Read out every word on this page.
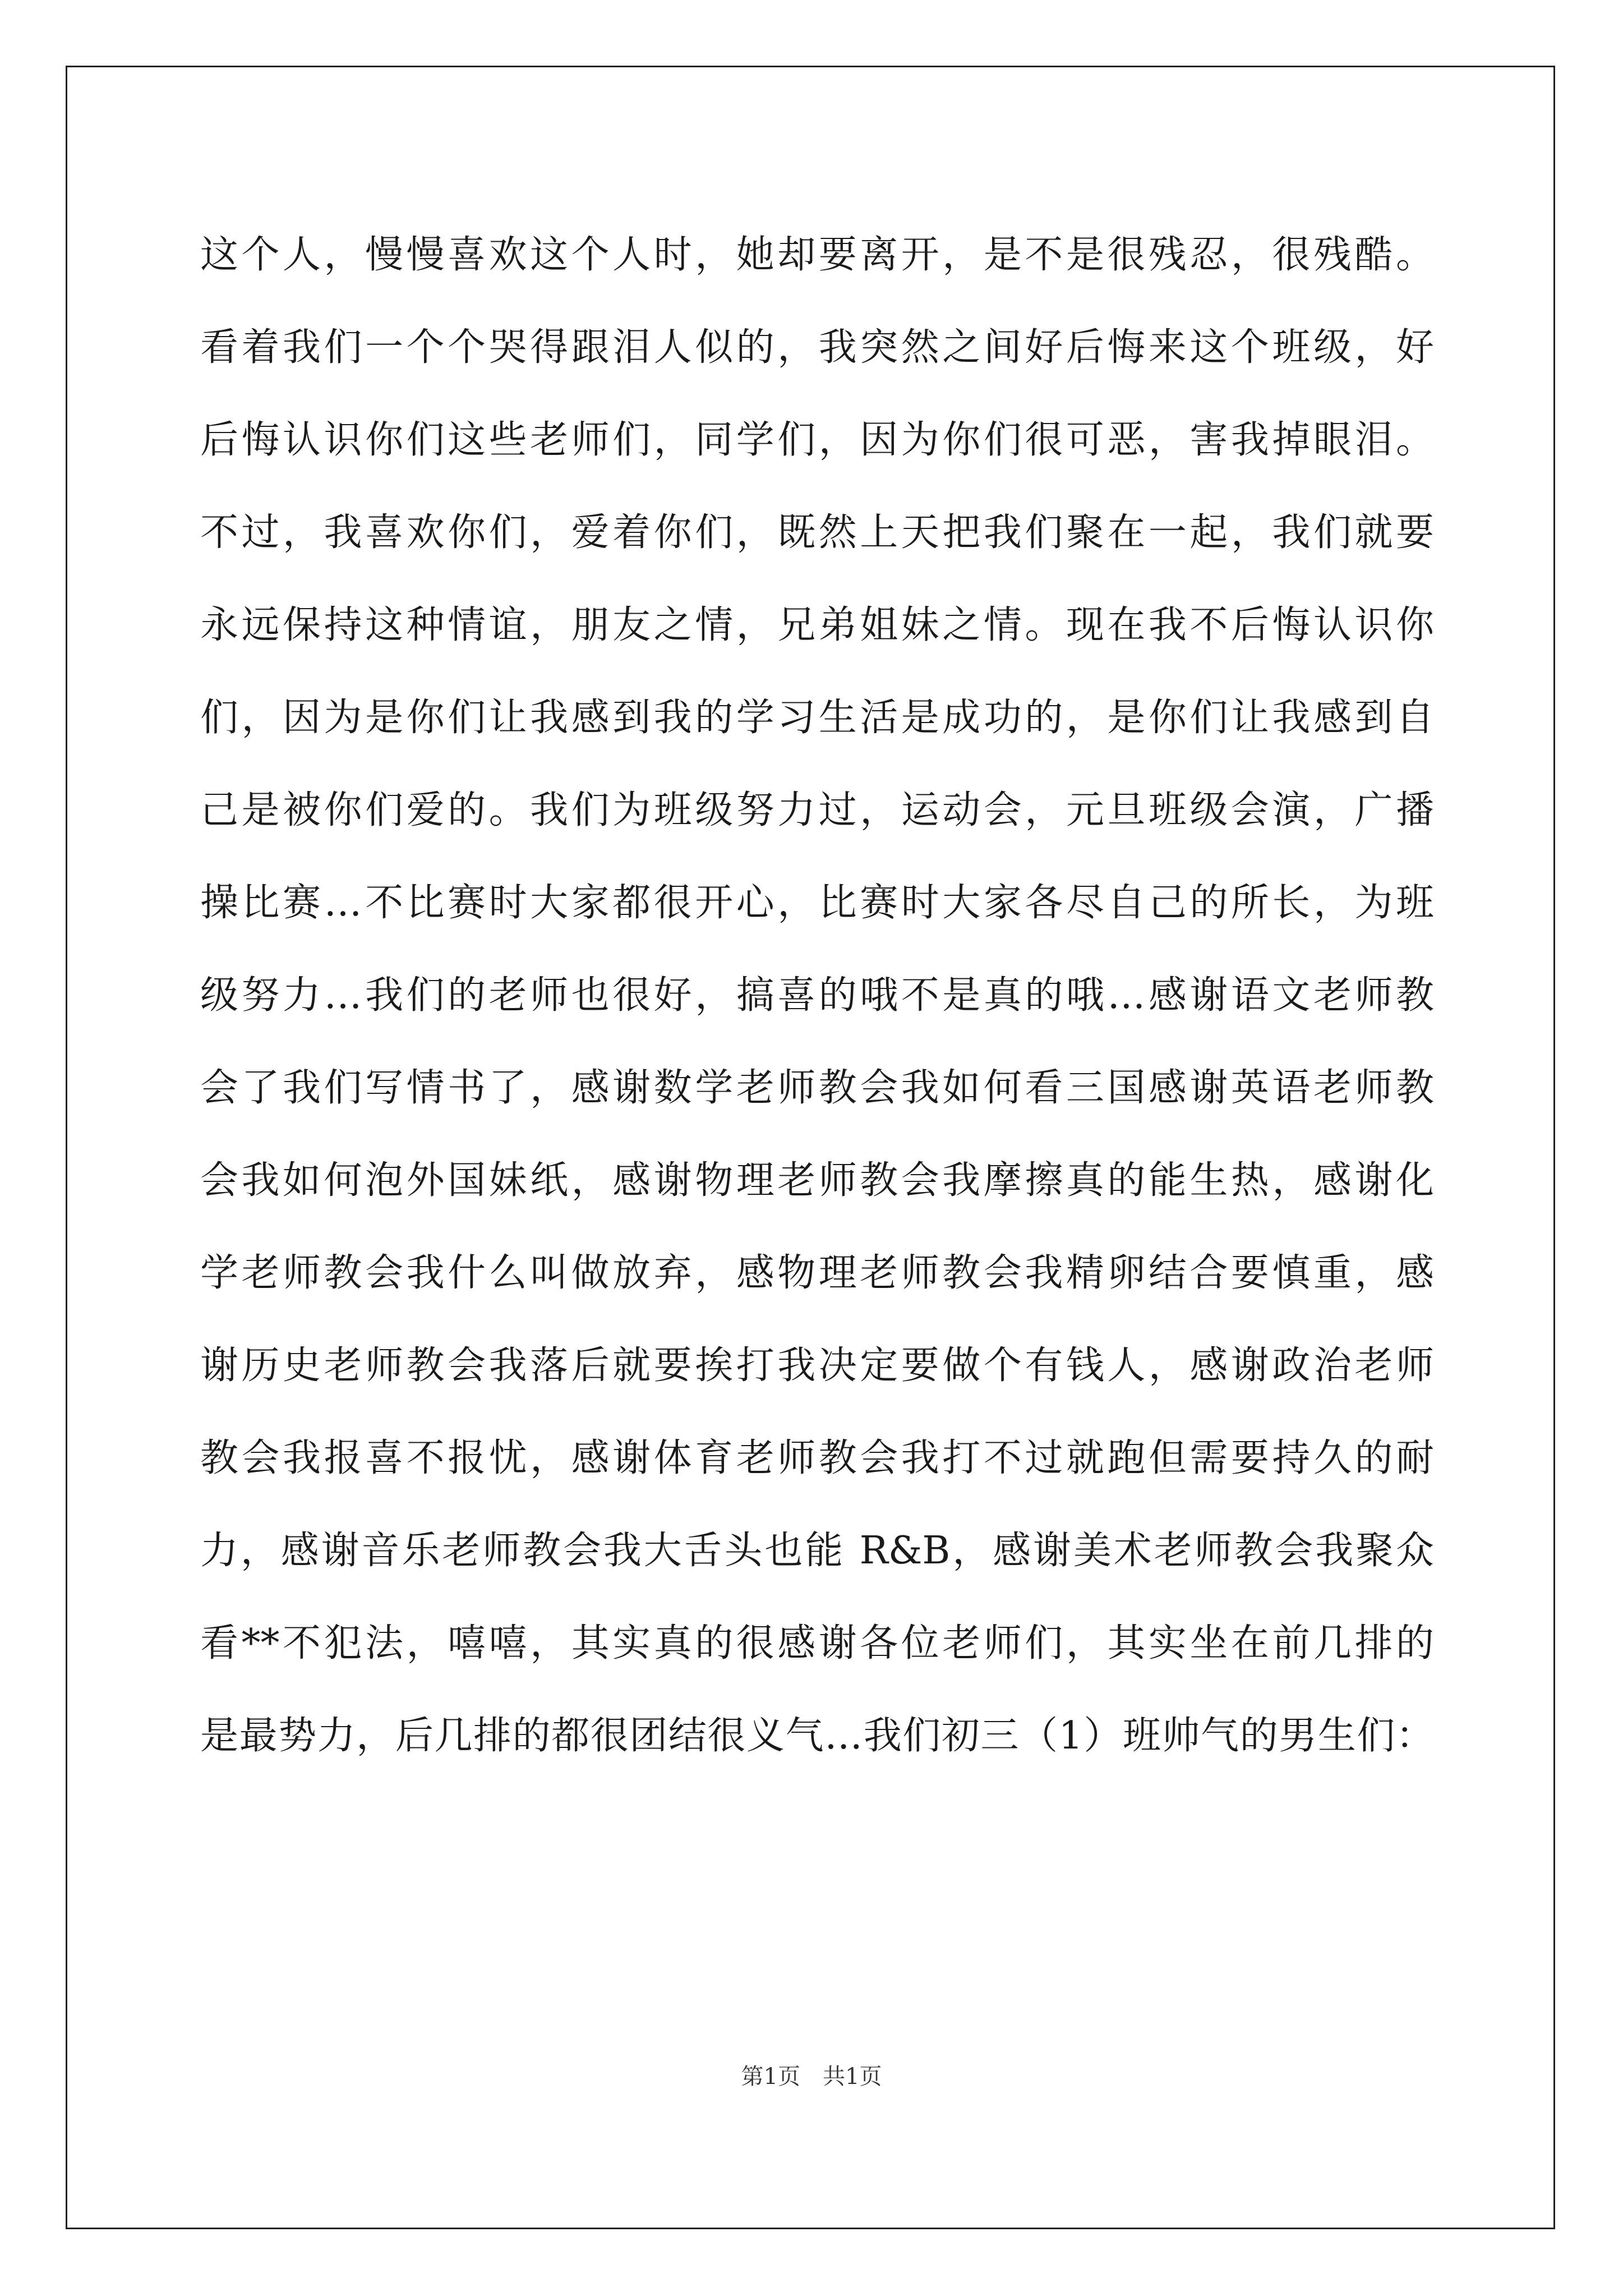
这个人，慢慢喜欢这个人时，她却要离开，是不是很残忍，很残酷。
看着我们一个个哭得跟泪人似的，我突然之间好后悔来这个班级，好
后悔认识你们这些老师们，同学们，因为你们很可恶，害我掉眼泪。
不过，我喜欢你们，爱着你们，既然上天把我们聚在一起，我们就要
永远保持这种情谊，朋友之情，兄弟姐妹之情。现在我不后悔认识你
们，因为是你们让我感到我的学习生活是成功的，是你们让我感到自
己是被你们爱的。我们为班级努力过，运动会，元旦班级会演，广播
操比赛…不比赛时大家都很开心，比赛时大家各尽自己的所长，为班
级努力…我们的老师也很好，搞喜的哦不是真的哦…感谢语文老师教
会了我们写情书了，感谢数学老师教会我如何看三国感谢英语老师教
会我如何泡外国妹纸，感谢物理老师教会我摩擦真的能生热，感谢化
学老师教会我什么叫做放弃，感物理老师教会我精卵结合要慎重，感
谢历史老师教会我落后就要挨打我决定要做个有钱人，感谢政治老师
教会我报喜不报忧，感谢体育老师教会我打不过就跑但需要持久的耐
力，感谢音乐老师教会我大舌头也能 R&B，感谢美术老师教会我聚众
看**不犯法，嘻嘻，其实真的很感谢各位老师们，其实坐在前几排的
是最势力，后几排的都很团结很义气…我们初三（1）班帅气的男生们：
第1页　共1页
